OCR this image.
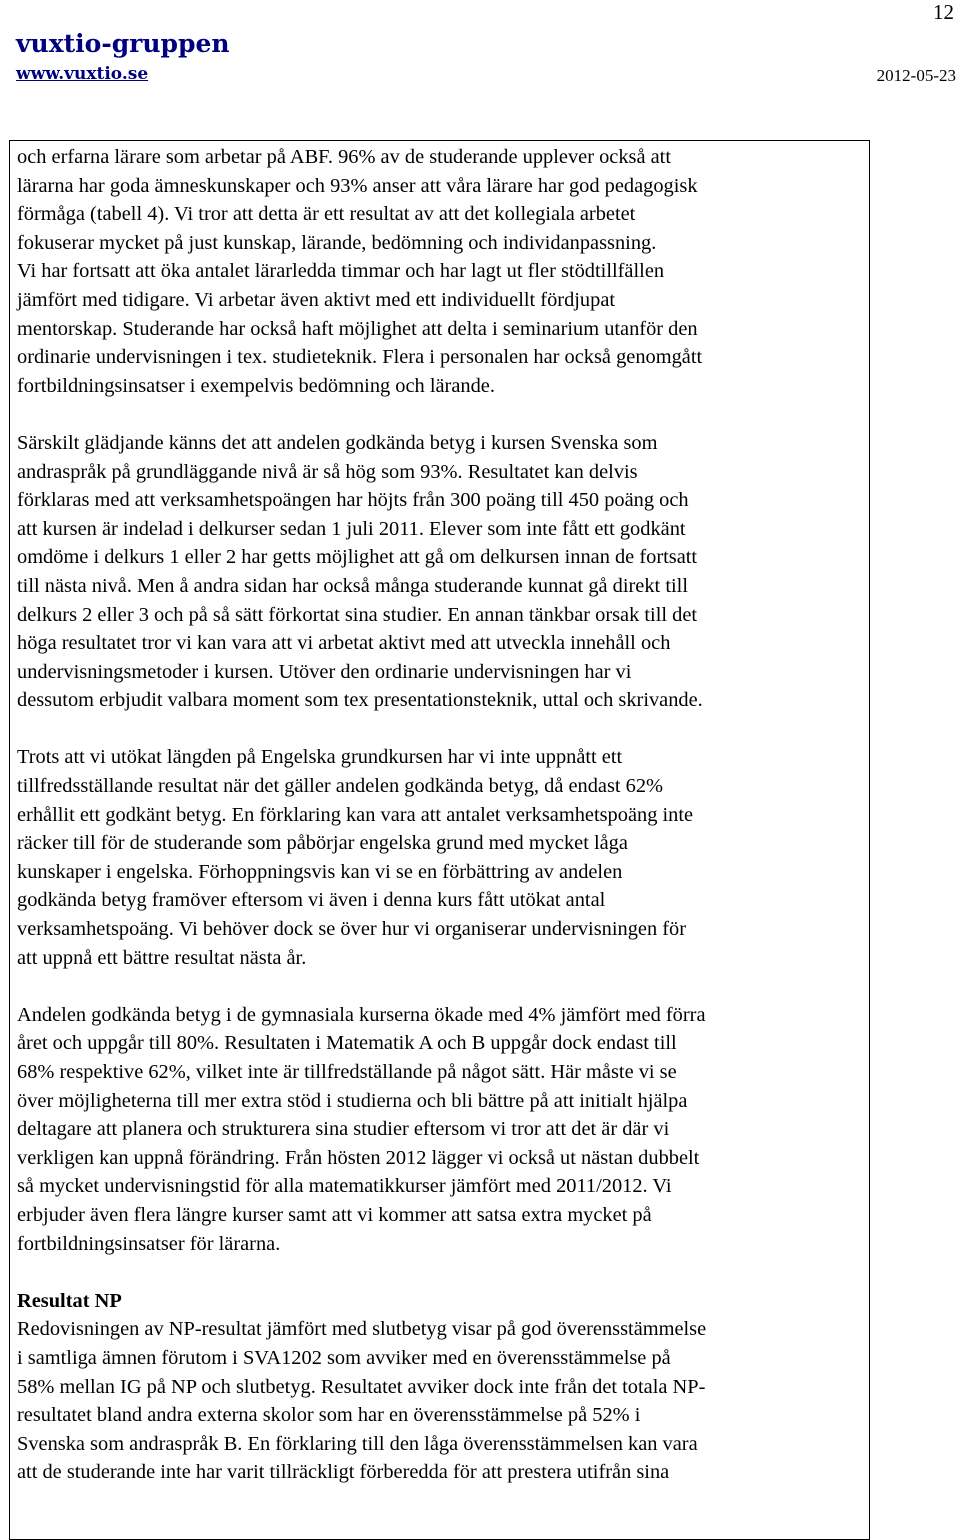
12
vuxtio-gruppen
www.vuxtio.se	2012-05-23

och erfarna lärare som arbetar på ABF. 96% av de studerande upplever också att
lärarna har goda ämneskunskaper och 93% anser att våra lärare har god pedagogisk
förmåga (tabell 4). Vi tror att detta är ett resultat av att det kollegiala arbetet
fokuserar mycket på just kunskap, lärande, bedömning och individanpassning.
Vi har fortsatt att öka antalet lärarledda timmar och har lagt ut fler stödtillfällen
jämfört med tidigare. Vi arbetar även aktivt med ett individuellt fördjupat
mentorskap. Studerande har också haft möjlighet att delta i seminarium utanför den
ordinarie undervisningen i tex. studieteknik. Flera i personalen har också genomgått
fortbildningsinsatser i exempelvis bedömning och lärande.

Särskilt glädjande känns det att andelen godkända betyg i kursen Svenska som
andraspråk på grundläggande nivå är så hög som 93%. Resultatet kan delvis
förklaras med att verksamhetspoängen har höjts från 300 poäng till 450 poäng och
att kursen är indelad i delkurser sedan 1 juli 2011. Elever som inte fått ett godkänt
omdöme i delkurs 1 eller 2 har getts möjlighet att gå om delkursen innan de fortsatt
till nästa nivå. Men å andra sidan har också många studerande kunnat gå direkt till
delkurs 2 eller 3 och på så sätt förkortat sina studier. En annan tänkbar orsak till det
höga resultatet tror vi kan vara att vi arbetat aktivt med att utveckla innehåll och
undervisningsmetoder i kursen. Utöver den ordinarie undervisningen har vi
dessutom erbjudit valbara moment som tex presentationsteknik, uttal och skrivande.

Trots att vi utökat längden på Engelska grundkursen har vi inte uppnått ett
tillfredsställande resultat när det gäller andelen godkända betyg, då endast 62%
erhållit ett godkänt betyg. En förklaring kan vara att antalet verksamhetspoäng inte
räcker till för de studerande som påbörjar engelska grund med mycket låga
kunskaper i engelska. Förhoppningsvis kan vi se en förbättring av andelen
godkända betyg framöver eftersom vi även i denna kurs fått utökat antal
verksamhetspoäng. Vi behöver dock se över hur vi organiserar undervisningen för
att uppnå ett bättre resultat nästa år.

Andelen godkända betyg i de gymnasiala kurserna ökade med 4% jämfört med förra
året och uppgår till 80%. Resultaten i Matematik A och B uppgår dock endast till
68% respektive 62%, vilket inte är tillfredställande på något sätt. Här måste vi se
över möjligheterna till mer extra stöd i studierna och bli bättre på att initialt hjälpa
deltagare att planera och strukturera sina studier eftersom vi tror att det är där vi
verkligen kan uppnå förändring. Från hösten 2012 lägger vi också ut nästan dubbelt
så mycket undervisningstid för alla matematikkurser jämfört med 2011/2012. Vi
erbjuder även flera längre kurser samt att vi kommer att satsa extra mycket på
fortbildningsinsatser för lärarna.

Resultat NP
Redovisningen av NP-resultat jämfört med slutbetyg visar på god överensstämmelse
i samtliga ämnen förutom i SVA1202 som avviker med en överensstämmelse på
58% mellan IG på NP och slutbetyg. Resultatet avviker dock inte från det totala NP-
resultatet bland andra externa skolor som har en överensstämmelse på 52% i
Svenska som andraspråk B. En förklaring till den låga överensstämmelsen kan vara
att de studerande inte har varit tillräckligt förberedda för att prestera utifrån sina
